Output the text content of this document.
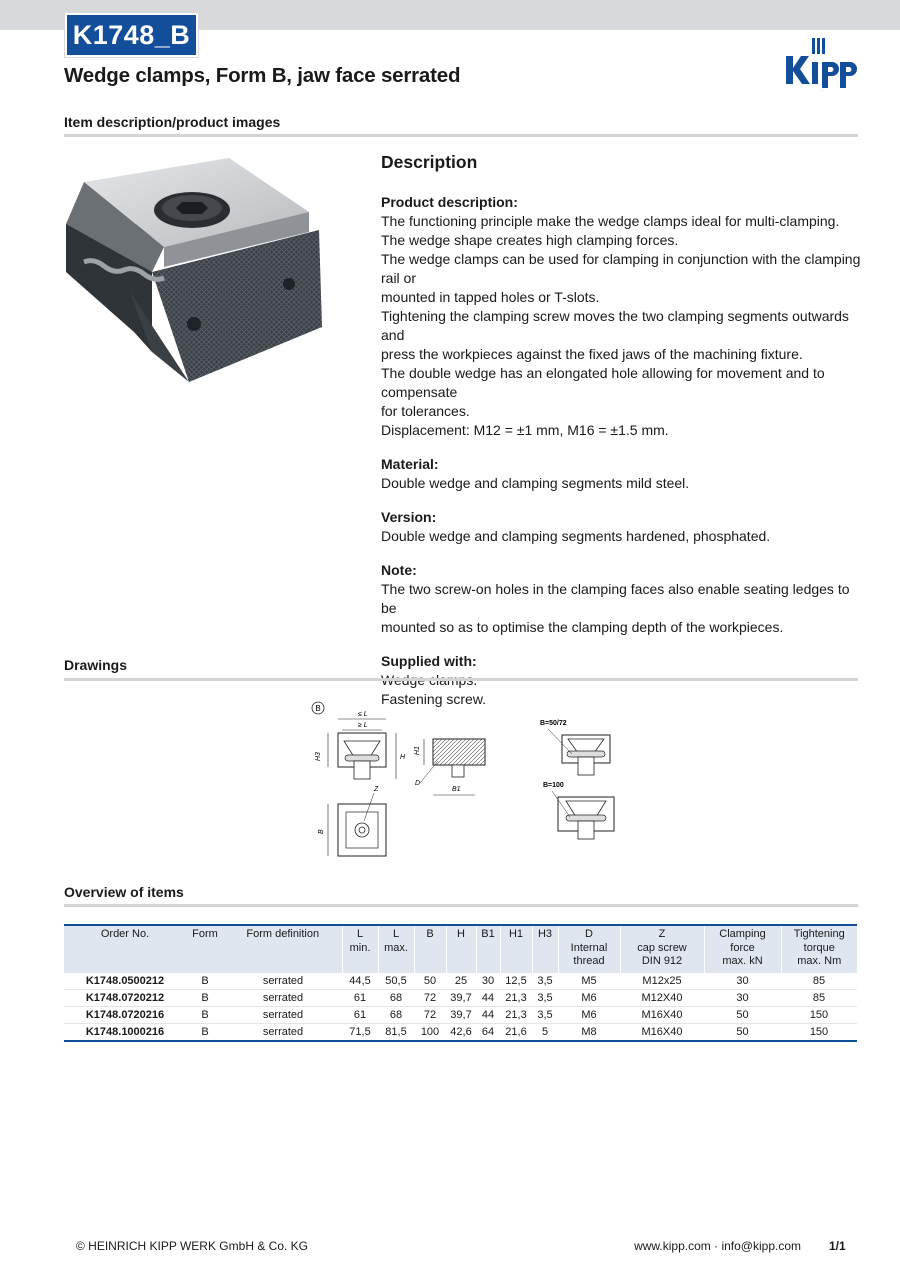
K1748_B
Wedge clamps, Form B, jaw face serrated
kipp
Item description/product images
Description
Product description:
The functioning principle make the wedge clamps ideal for multi-clamping.
The wedge shape creates high clamping forces.
The wedge clamps can be used for clamping in conjunction with the clamping rail or
mounted in tapped holes or T-slots.
Tightening the clamping screw moves the two clamping segments outwards and
press the workpieces against the fixed jaws of the machining fixture.
The double wedge has an elongated hole allowing for movement and to compensate
for tolerances.
Displacement: M12 = ±1 mm, M16 = ±1.5 mm.
Material:
Double wedge and clamping segments mild steel.
Version:
Double wedge and clamping segments hardened, phosphated.
Note:
The two screw-on holes in the clamping faces also enable seating ledges to be
mounted so as to optimise the clamping depth of the workpieces.
Supplied with:
Fastening screw.
Drawings
B
≤ L
≥ L
H3	H
H1
D
B1
Z
B
B=50/72
B=100
Overview of items
Order No.	Form	Form definition	L
min.	L
max.	B	H	B1	H1	H3	D
Internal
thread	Z
cap screw
DIN 912	Clamping
force
max. kN	Tightening
torque
max. Nm

K1748.0500212	B	serrated	44,5	50,5	50	25	30	12,5	3,5	M5	M12x25	30	85
K1748.0720212	B	serrated	61	68	72	39,7	44	21,3	3,5	M6	M12X40	30	85
K1748.0720216	B	serrated	61	68	72	39,7	44	21,3	3,5	M6	M16X40	50	150
K1748.1000216	B	serrated	71,5	81,5	100	42,6	64	21,6	5	M8	M16X40	50	150
© HEINRICH KIPP WERK GmbH & Co. KG	www.kipp.com · info@kipp.com 1/1
